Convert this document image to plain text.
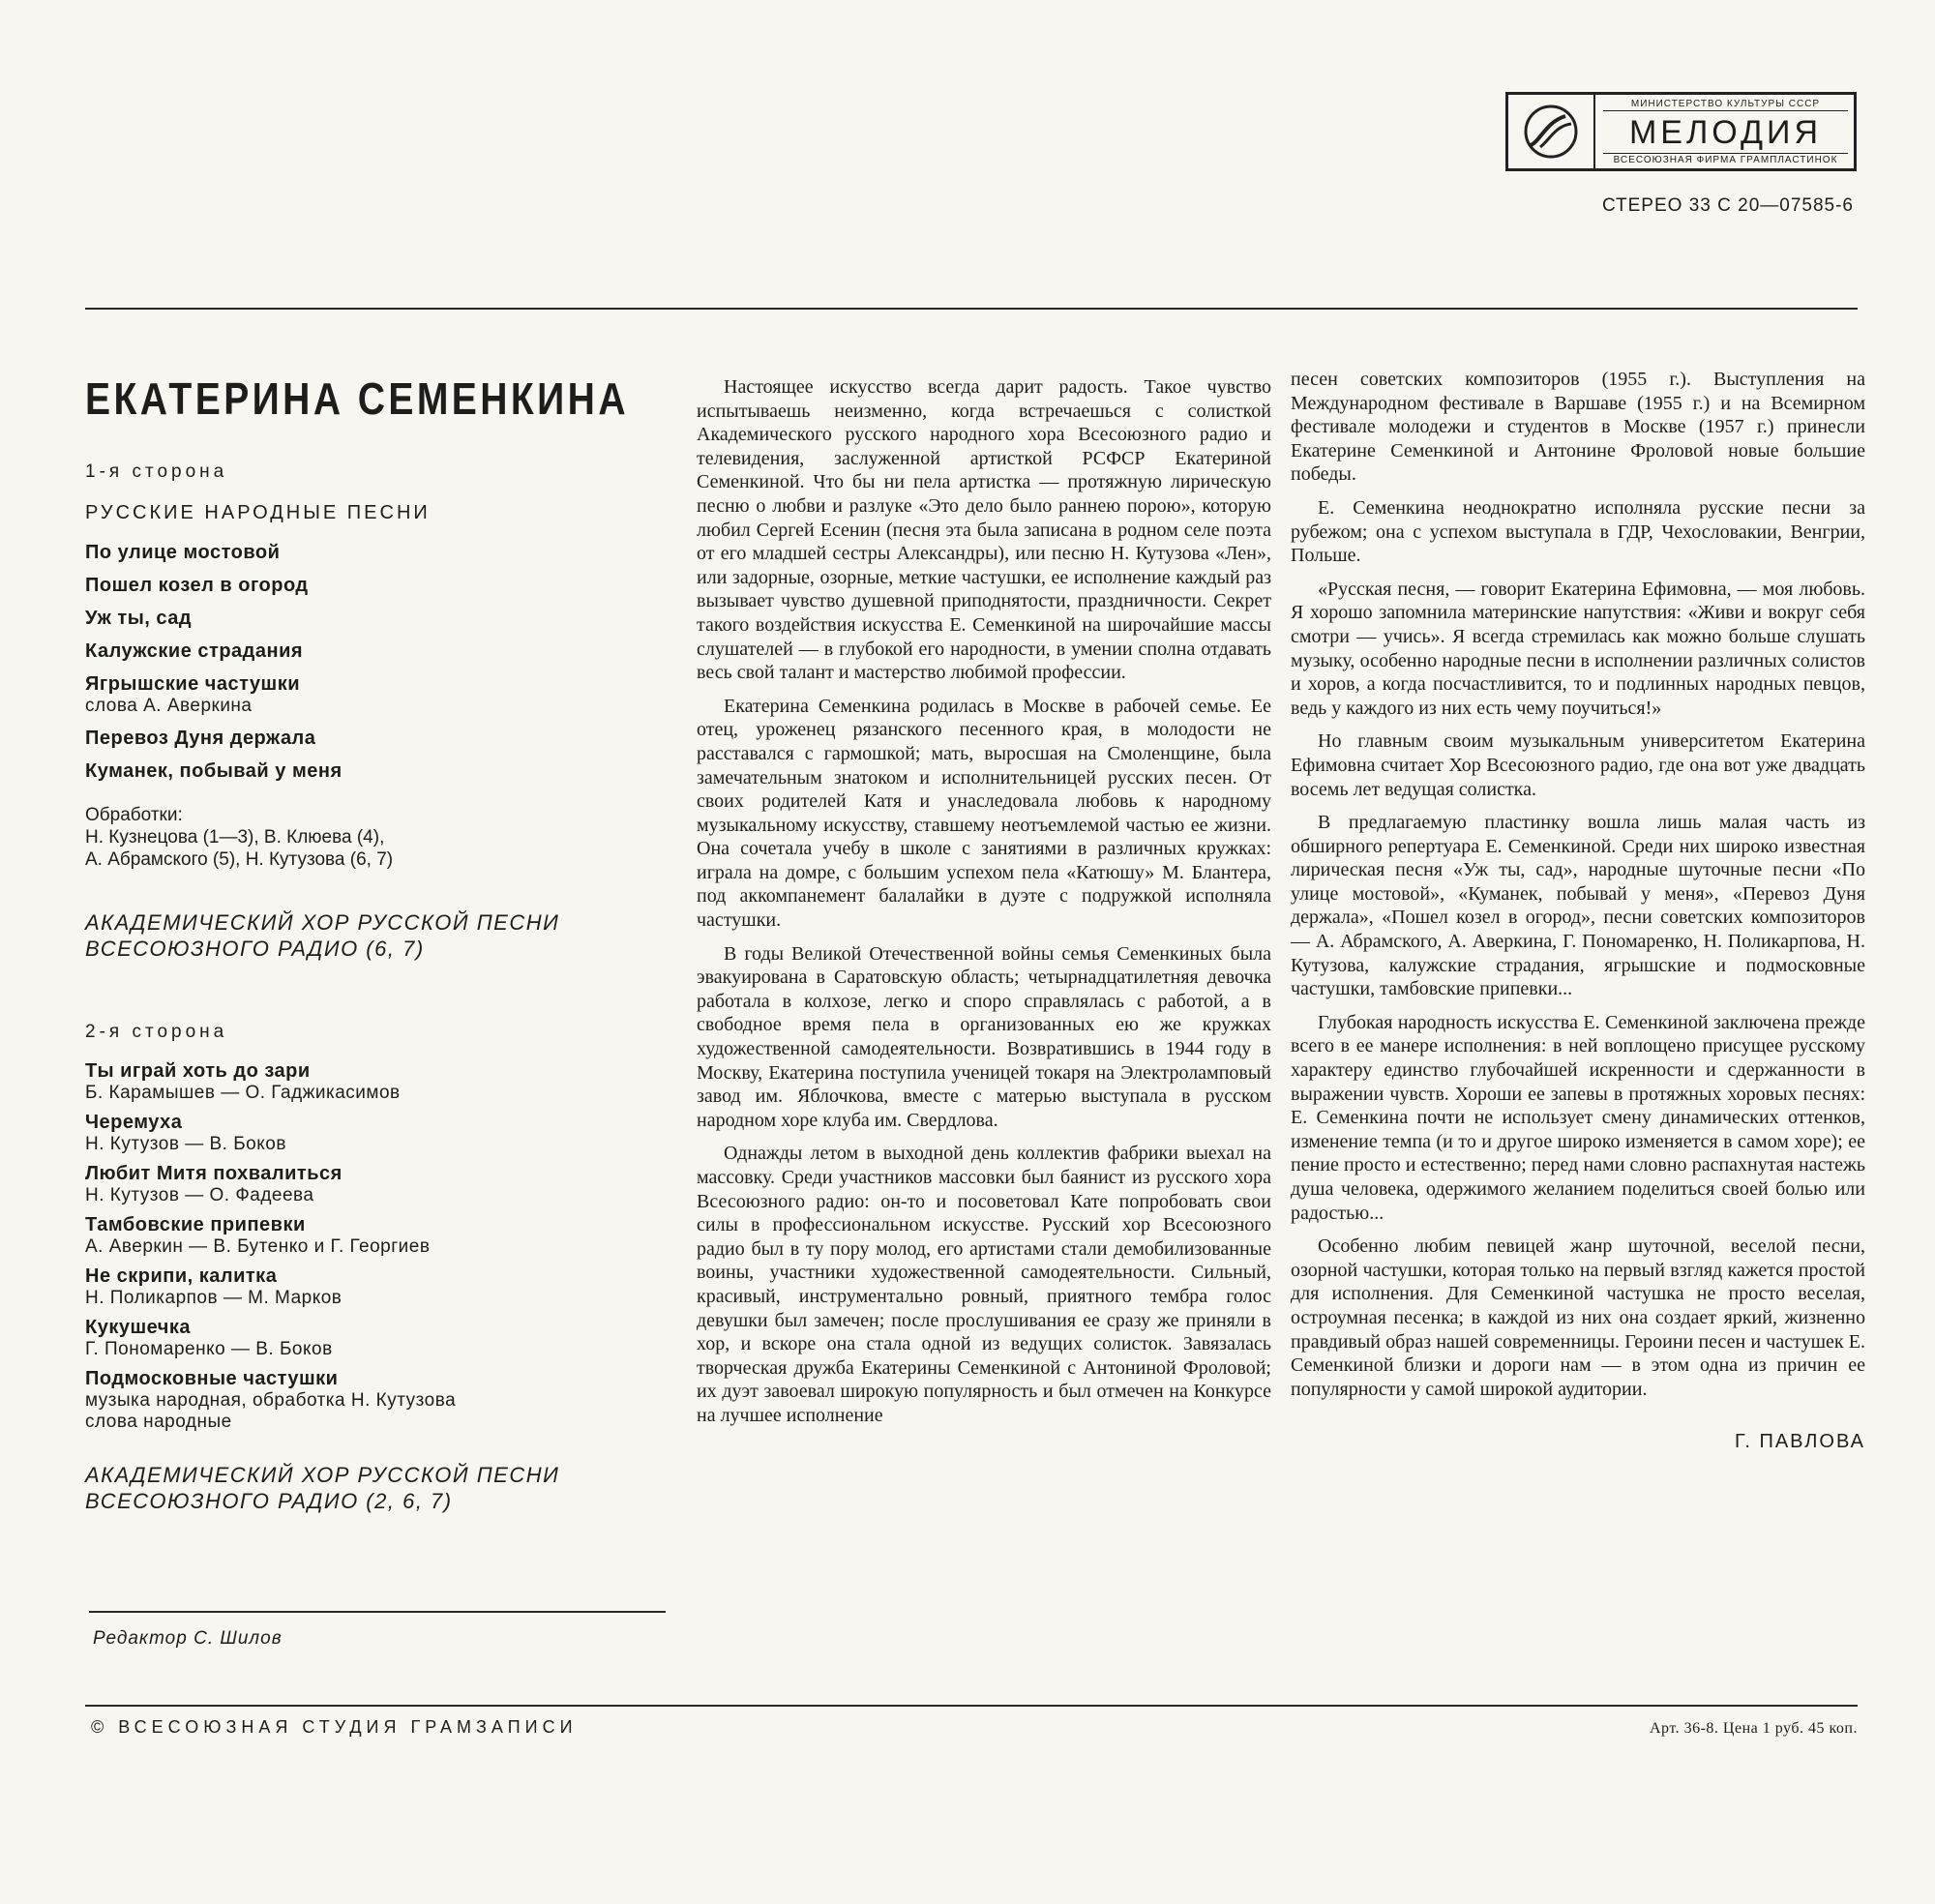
МИНИСТЕРСТВО КУЛЬТУРЫ СССР
МЕЛОДИЯ
ВСЕСОЮЗНАЯ ФИРМА ГРАМПЛАСТИНОК
СТЕРЕО 33 С 20—07585-6
ЕКАТЕРИНА СЕМЕНКИНА
1-я сторона
РУССКИЕ НАРОДНЫЕ ПЕСНИ
По улице мостовой
Пошел козел в огород
Уж ты, сад
Калужские страдания
Ягрышские частушки
слова А. Аверкина
Перевоз Дуня держала
Куманек, побывай у меня
Обработки:
Н. Кузнецова (1—3), В. Клюева (4),
А. Абрамского (5), Н. Кутузова (6, 7)
АКАДЕМИЧЕСКИЙ ХОР РУССКОЙ ПЕСНИ
ВСЕСОЮЗНОГО РАДИО (6, 7)
2-я сторона
Ты играй хоть до зари
Б. Карамышев — О. Гаджикасимов
Черемуха
Н. Кутузов — В. Боков
Любит Митя похвалиться
Н. Кутузов — О. Фадеева
Тамбовские припевки
А. Аверкин — В. Бутенко и Г. Георгиев
Не скрипи, калитка
Н. Поликарпов — М. Марков
Кукушечка
Г. Пономаренко — В. Боков
Подмосковные частушки
музыка народная, обработка Н. Кутузова
слова народные
АКАДЕМИЧЕСКИЙ ХОР РУССКОЙ ПЕСНИ
ВСЕСОЮЗНОГО РАДИО (2, 6, 7)
Редактор С. Шилов

Настоящее искусство всегда дарит радость. Такое чувство испытываешь неизменно, когда встречаешься с солисткой Академического русского народного хора Всесоюзного радио и телевидения, заслуженной артисткой РСФСР Екатериной Семенкиной. Что бы ни пела артистка — протяжную лирическую песню о любви и разлуке «Это дело было раннею порою», которую любил Сергей Есенин (песня эта была записана в родном селе поэта от его младшей сестры Александры), или песню Н. Кутузова «Лен», или задорные, озорные, меткие частушки, ее исполнение каждый раз вызывает чувство душевной приподнятости, праздничности. Секрет такого воздействия искусства Е. Семенкиной на широчайшие массы слушателей — в глубокой его народности, в умении сполна отдавать весь свой талант и мастерство любимой профессии.

Екатерина Семенкина родилась в Москве в рабочей семье. Ее отец, уроженец рязанского песенного края, в молодости не расставался с гармошкой; мать, выросшая на Смоленщине, была замечательным знатоком и исполнительницей русских песен. От своих родителей Катя и унаследовала любовь к народному музыкальному искусству, ставшему неотъемлемой частью ее жизни. Она сочетала учебу в школе с занятиями в различных кружках: играла на домре, с большим успехом пела «Катюшу» М. Блантера, под аккомпанемент балалайки в дуэте с подружкой исполняла частушки.

В годы Великой Отечественной войны семья Семенкиных была эвакуирована в Саратовскую область; четырнадцатилетняя девочка работала в колхозе, легко и споро справлялась с работой, а в свободное время пела в организованных ею же кружках художественной самодеятельности. Возвратившись в 1944 году в Москву, Екатерина поступила ученицей токаря на Электроламповый завод им. Яблочкова, вместе с матерью выступала в русском народном хоре клуба им. Свердлова.

Однажды летом в выходной день коллектив фабрики выехал на массовку. Среди участников массовки был баянист из русского хора Всесоюзного радио: он-то и посоветовал Кате попробовать свои силы в профессиональном искусстве. Русский хор Всесоюзного радио был в ту пору молод, его артистами стали демобилизованные воины, участники художественной самодеятельности. Сильный, красивый, инструментально ровный, приятного тембра голос девушки был замечен; после прослушивания ее сразу же приняли в хор, и вскоре она стала одной из ведущих солисток. Завязалась творческая дружба Екатерины Семенкиной с Антониной Фроловой; их дуэт завоевал широкую популярность и был отмечен на Конкурсе на лучшее исполнение

песен советских композиторов (1955 г.). Выступления на Международном фестивале в Варшаве (1955 г.) и на Всемирном фестивале молодежи и студентов в Москве (1957 г.) принесли Екатерине Семенкиной и Антонине Фроловой новые большие победы.

Е. Семенкина неоднократно исполняла русские песни за рубежом; она с успехом выступала в ГДР, Чехословакии, Венгрии, Польше.

«Русская песня, — говорит Екатерина Ефимовна, — моя любовь. Я хорошо запомнила материнские напутствия: «Живи и вокруг себя смотри — учись». Я всегда стремилась как можно больше слушать музыку, особенно народные песни в исполнении различных солистов и хоров, а когда посчастливится, то и подлинных народных певцов, ведь у каждого из них есть чему поучиться!»

Но главным своим музыкальным университетом Екатерина Ефимовна считает Хор Всесоюзного радио, где она вот уже двадцать восемь лет ведущая солистка.

В предлагаемую пластинку вошла лишь малая часть из обширного репертуара Е. Семенкиной. Среди них широко известная лирическая песня «Уж ты, сад», народные шуточные песни «По улице мостовой», «Куманек, побывай у меня», «Перевоз Дуня держала», «Пошел козел в огород», песни советских композиторов — А. Абрамского, А. Аверкина, Г. Пономаренко, Н. Поликарпова, Н. Кутузова, калужские страдания, ягрышские и подмосковные частушки, тамбовские припевки...

Глубокая народность искусства Е. Семенкиной заключена прежде всего в ее манере исполнения: в ней воплощено присущее русскому характеру единство глубочайшей искренности и сдержанности в выражении чувств. Хороши ее запевы в протяжных хоровых песнях: Е. Семенкина почти не использует смену динамических оттенков, изменение темпа (и то и другое широко изменяется в самом хоре); ее пение просто и естественно; перед нами словно распахнутая настежь душа человека, одержимого желанием поделиться своей болью или радостью...

Особенно любим певицей жанр шуточной, веселой песни, озорной частушки, которая только на первый взгляд кажется простой для исполнения. Для Семенкиной частушка не просто веселая, остроумная песенка; в каждой из них она создает яркий, жизненно правдивый образ нашей современницы. Героини песен и частушек Е. Семенкиной близки и дороги нам — в этом одна из причин ее популярности у самой широкой аудитории.

Г. ПАВЛОВА
© ВСЕСОЮЗНАЯ СТУДИЯ ГРАМЗАПИСИ	Арт. 36-8. Цена 1 руб. 45 коп.
